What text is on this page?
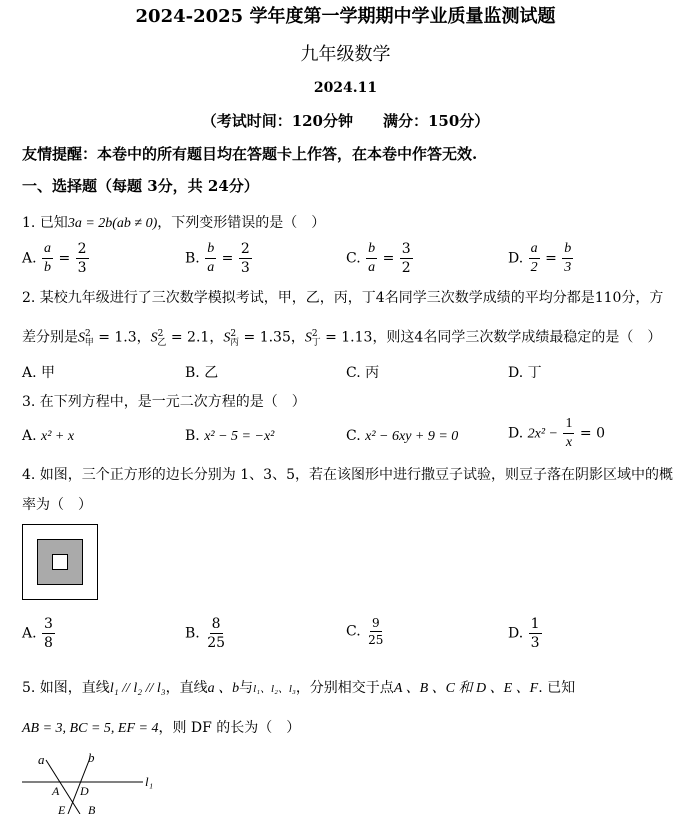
2024-2025 学年度第一学期期中学业质量监测试题
九年级数学
2024.11
（考试时间：120分钟　　满分：150分）
友情提醒：本卷中的所有题目均在答题卡上作答，在本卷中作答无效.
一、选择题（每题 3分，共 24分）
1. 已知3a = 2b(ab ≠ 0)，下列变形错误的是（　）
A. $\frac{a}{b} = \frac{2}{3}$	B. $\frac{b}{a} = \frac{2}{3}$	C. $\frac{b}{a} = \frac{3}{2}$	D. $\frac{a}{2} = \frac{b}{3}$
2. 某校九年级进行了三次数学模拟考试，甲，乙，丙，丁4名同学三次数学成绩的平均分都是110分，方
差分别是$S^2_甲 = 1.3$，$S^2_乙 = 2.1$，$S^2_丙 = 1.35$，$S^2_丁 = 1.13$，则这4名同学三次数学成绩最稳定的是（　）
A. 甲	B. 乙	C. 丙	D. 丁
3. 在下列方程中，是一元二次方程的是（　）
A. x² + x	B. x² − 5 = −x²	C. x² − 6xy + 9 = 0	D. $2x^2 - \frac{1}{x} = 0$
4. 如图，三个正方形的边长分别为 1、3、5，若在该图形中进行撒豆子试验，则豆子落在阴影区域中的概
率为（　）
A. $\frac{3}{8}$	B. $\frac{8}{25}$	C. $\frac{9}{25}$	D. $\frac{1}{3}$
5. 如图，直线l₁ // l₂ // l₃，直线a 、b与l₁、l₂、l₃，分别相交于点A 、B 、C 和 D 、E 、F. 已知
AB = 3, BC = 5, EF = 4，则 DF 的长为（　）
a	b
l₁
A D
E B
